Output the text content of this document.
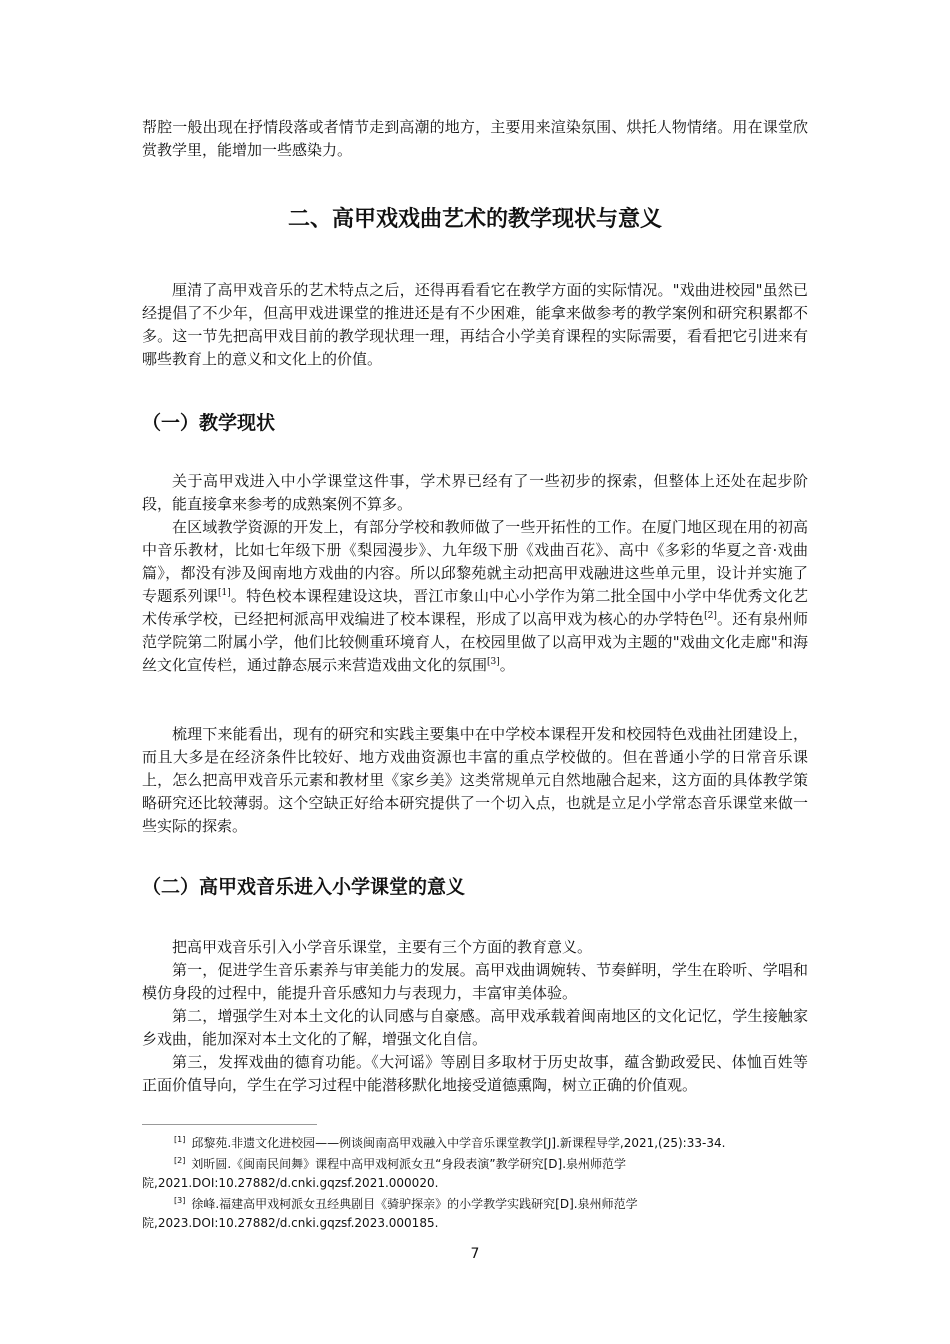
帮腔一般出现在抒情段落或者情节走到高潮的地方，主要用来渲染氛围、烘托人物情绪。用在课堂欣赏教学里，能增加一些感染力。

二、高甲戏戏曲艺术的教学现状与意义

厘清了高甲戏音乐的艺术特点之后，还得再看看它在教学方面的实际情况。"戏曲进校园"虽然已经提倡了不少年，但高甲戏进课堂的推进还是有不少困难，能拿来做参考的教学案例和研究积累都不多。这一节先把高甲戏目前的教学现状理一理，再结合小学美育课程的实际需要，看看把它引进来有哪些教育上的意义和文化上的价值。

（一）教学现状

关于高甲戏进入中小学课堂这件事，学术界已经有了一些初步的探索，但整体上还处在起步阶段，能直接拿来参考的成熟案例不算多。

在区域教学资源的开发上，有部分学校和教师做了一些开拓性的工作。在厦门地区现在用的初高中音乐教材，比如七年级下册《梨园漫步》、九年级下册《戏曲百花》、高中《多彩的华夏之音·戏曲篇》，都没有涉及闽南地方戏曲的内容。所以邱黎苑就主动把高甲戏融进这些单元里，设计并实施了专题系列课[1]。特色校本课程建设这块，晋江市象山中心小学作为第二批全国中小学中华优秀文化艺术传承学校，已经把柯派高甲戏编进了校本课程，形成了以高甲戏为核心的办学特色[2]。还有泉州师范学院第二附属小学，他们比较侧重环境育人，在校园里做了以高甲戏为主题的"戏曲文化走廊"和海丝文化宣传栏，通过静态展示来营造戏曲文化的氛围[3]。

梳理下来能看出，现有的研究和实践主要集中在中学校本课程开发和校园特色戏曲社团建设上，而且大多是在经济条件比较好、地方戏曲资源也丰富的重点学校做的。但在普通小学的日常音乐课上，怎么把高甲戏音乐元素和教材里《家乡美》这类常规单元自然地融合起来，这方面的具体教学策略研究还比较薄弱。这个空缺正好给本研究提供了一个切入点，也就是立足小学常态音乐课堂来做一些实际的探索。

（二）高甲戏音乐进入小学课堂的意义

把高甲戏音乐引入小学音乐课堂，主要有三个方面的教育意义。

第一，促进学生音乐素养与审美能力的发展。高甲戏曲调婉转、节奏鲜明，学生在聆听、学唱和模仿身段的过程中，能提升音乐感知力与表现力，丰富审美体验。

第二，增强学生对本土文化的认同感与自豪感。高甲戏承载着闽南地区的文化记忆，学生接触家乡戏曲，能加深对本土文化的了解，增强文化自信。

第三，发挥戏曲的德育功能。《大河谣》等剧目多取材于历史故事，蕴含勤政爱民、体恤百姓等正面价值导向，学生在学习过程中能潜移默化地接受道德熏陶，树立正确的价值观。

[1] 邱黎苑.非遗文化进校园——例谈闽南高甲戏融入中学音乐课堂教学[J].新课程导学,2021,(25):33-34.

[2] 刘昕圆.《闽南民间舞》课程中高甲戏柯派女丑“身段表演”教学研究[D].泉州师范学院,2021.DOI:10.27882/d.cnki.gqzsf.2021.000020.

[3] 徐峰.福建高甲戏柯派女丑经典剧目《骑驴探亲》的小学教学实践研究[D].泉州师范学院,2023.DOI:10.27882/d.cnki.gqzsf.2023.000185.

7
